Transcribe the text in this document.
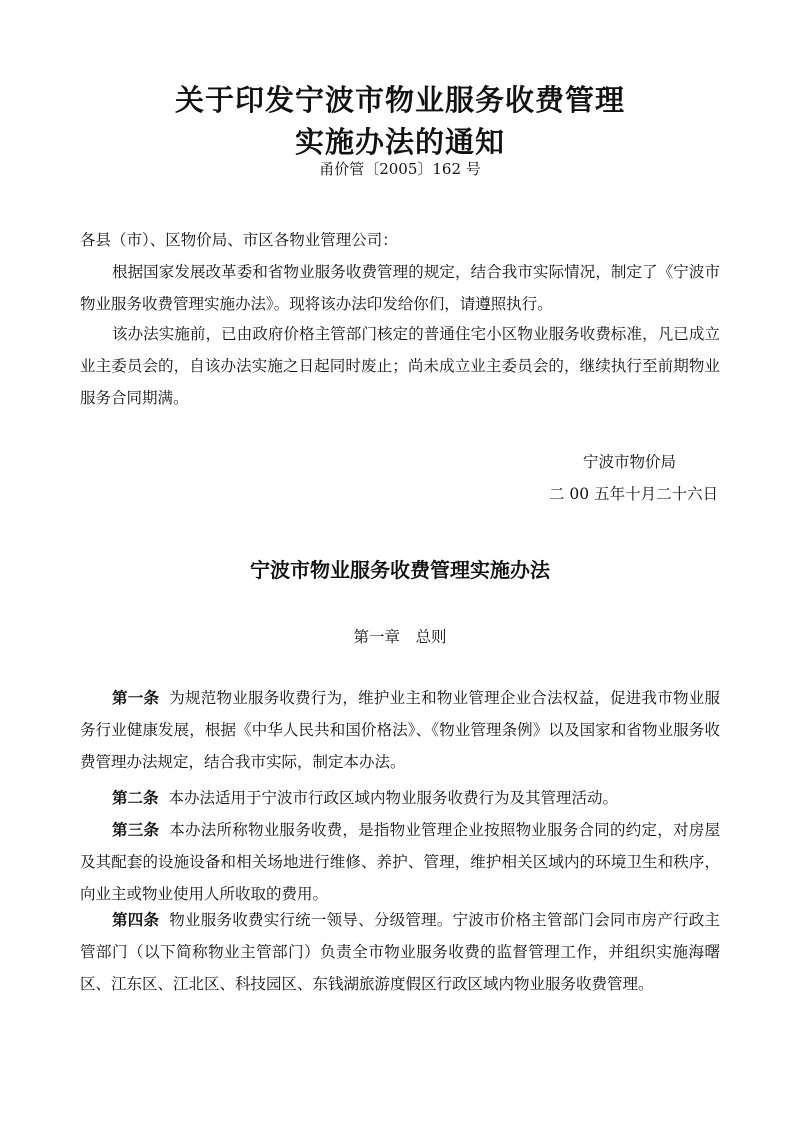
关于印发宁波市物业服务收费管理
实施办法的通知
甬价管〔2005〕162 号
各县（市）、区物价局、市区各物业管理公司：
根据国家发展改革委和省物业服务收费管理的规定，结合我市实际情况，制定了《宁波市物业服务收费管理实施办法》。现将该办法印发给你们，请遵照执行。
该办法实施前，已由政府价格主管部门核定的普通住宅小区物业服务收费标准，凡已成立业主委员会的，自该办法实施之日起同时废止；尚未成立业主委员会的，继续执行至前期物业服务合同期满。
宁波市物价局
二 00 五年十月二十六日
宁波市物业服务收费管理实施办法
第一章　总则
第一条 为规范物业服务收费行为，维护业主和物业管理企业合法权益，促进我市物业服务行业健康发展，根据《中华人民共和国价格法》、《物业管理条例》以及国家和省物业服务收费管理办法规定，结合我市实际，制定本办法。
第二条 本办法适用于宁波市行政区域内物业服务收费行为及其管理活动。
第三条 本办法所称物业服务收费，是指物业管理企业按照物业服务合同的约定，对房屋及其配套的设施设备和相关场地进行维修、养护、管理，维护相关区域内的环境卫生和秩序，向业主或物业使用人所收取的费用。
第四条 物业服务收费实行统一领导、分级管理。宁波市价格主管部门会同市房产行政主管部门（以下简称物业主管部门）负责全市物业服务收费的监督管理工作，并组织实施海曙区、江东区、江北区、科技园区、东钱湖旅游度假区行政区域内物业服务收费管理。
